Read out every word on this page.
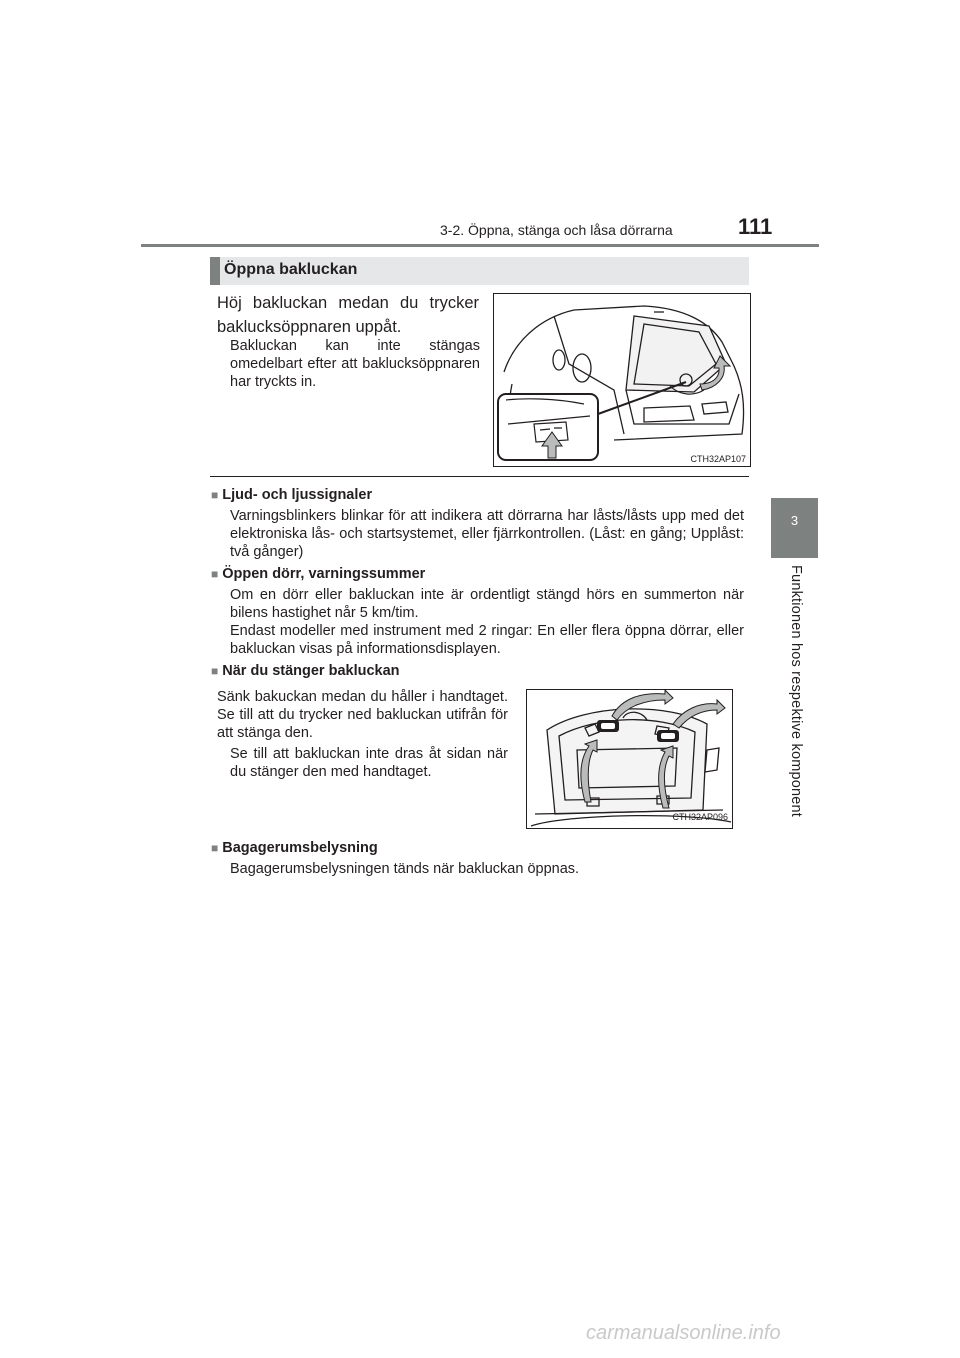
3-2. Öppna, stänga och låsa dörrarna	111
3
Funktionen hos respektive komponent
Öppna bakluckan
Höj bakluckan medan du trycker baklucksöppnaren uppåt.
Bakluckan kan inte stängas omedelbart efter att baklucksöppnaren har tryckts in.
CTH32AP107
■ Ljud- och ljussignaler
Varningsblinkers blinkar för att indikera att dörrarna har låsts/låsts upp med det elektroniska lås- och startsystemet, eller fjärrkontrollen. (Låst: en gång; Upplåst: två gånger)
■ Öppen dörr, varningssummer

Om en dörr eller bakluckan inte är ordentligt stängd hörs en summerton när bilens hastighet når 5 km/tim.

Endast modeller med instrument med 2 ringar: En eller flera öppna dörrar, eller bakluckan visas på informationsdisplayen.

■ När du stänger bakluckan
Sänk bakuckan medan du håller i handtaget. Se till att du trycker ned bakluckan utifrån för att stänga den.
Se till att bakluckan inte dras åt sidan när du stänger den med handtaget.
CTH32AP096
■ Bagagerumsbelysning
Bagagerumsbelysningen tänds när bakluckan öppnas.
carmanualsonline.info
